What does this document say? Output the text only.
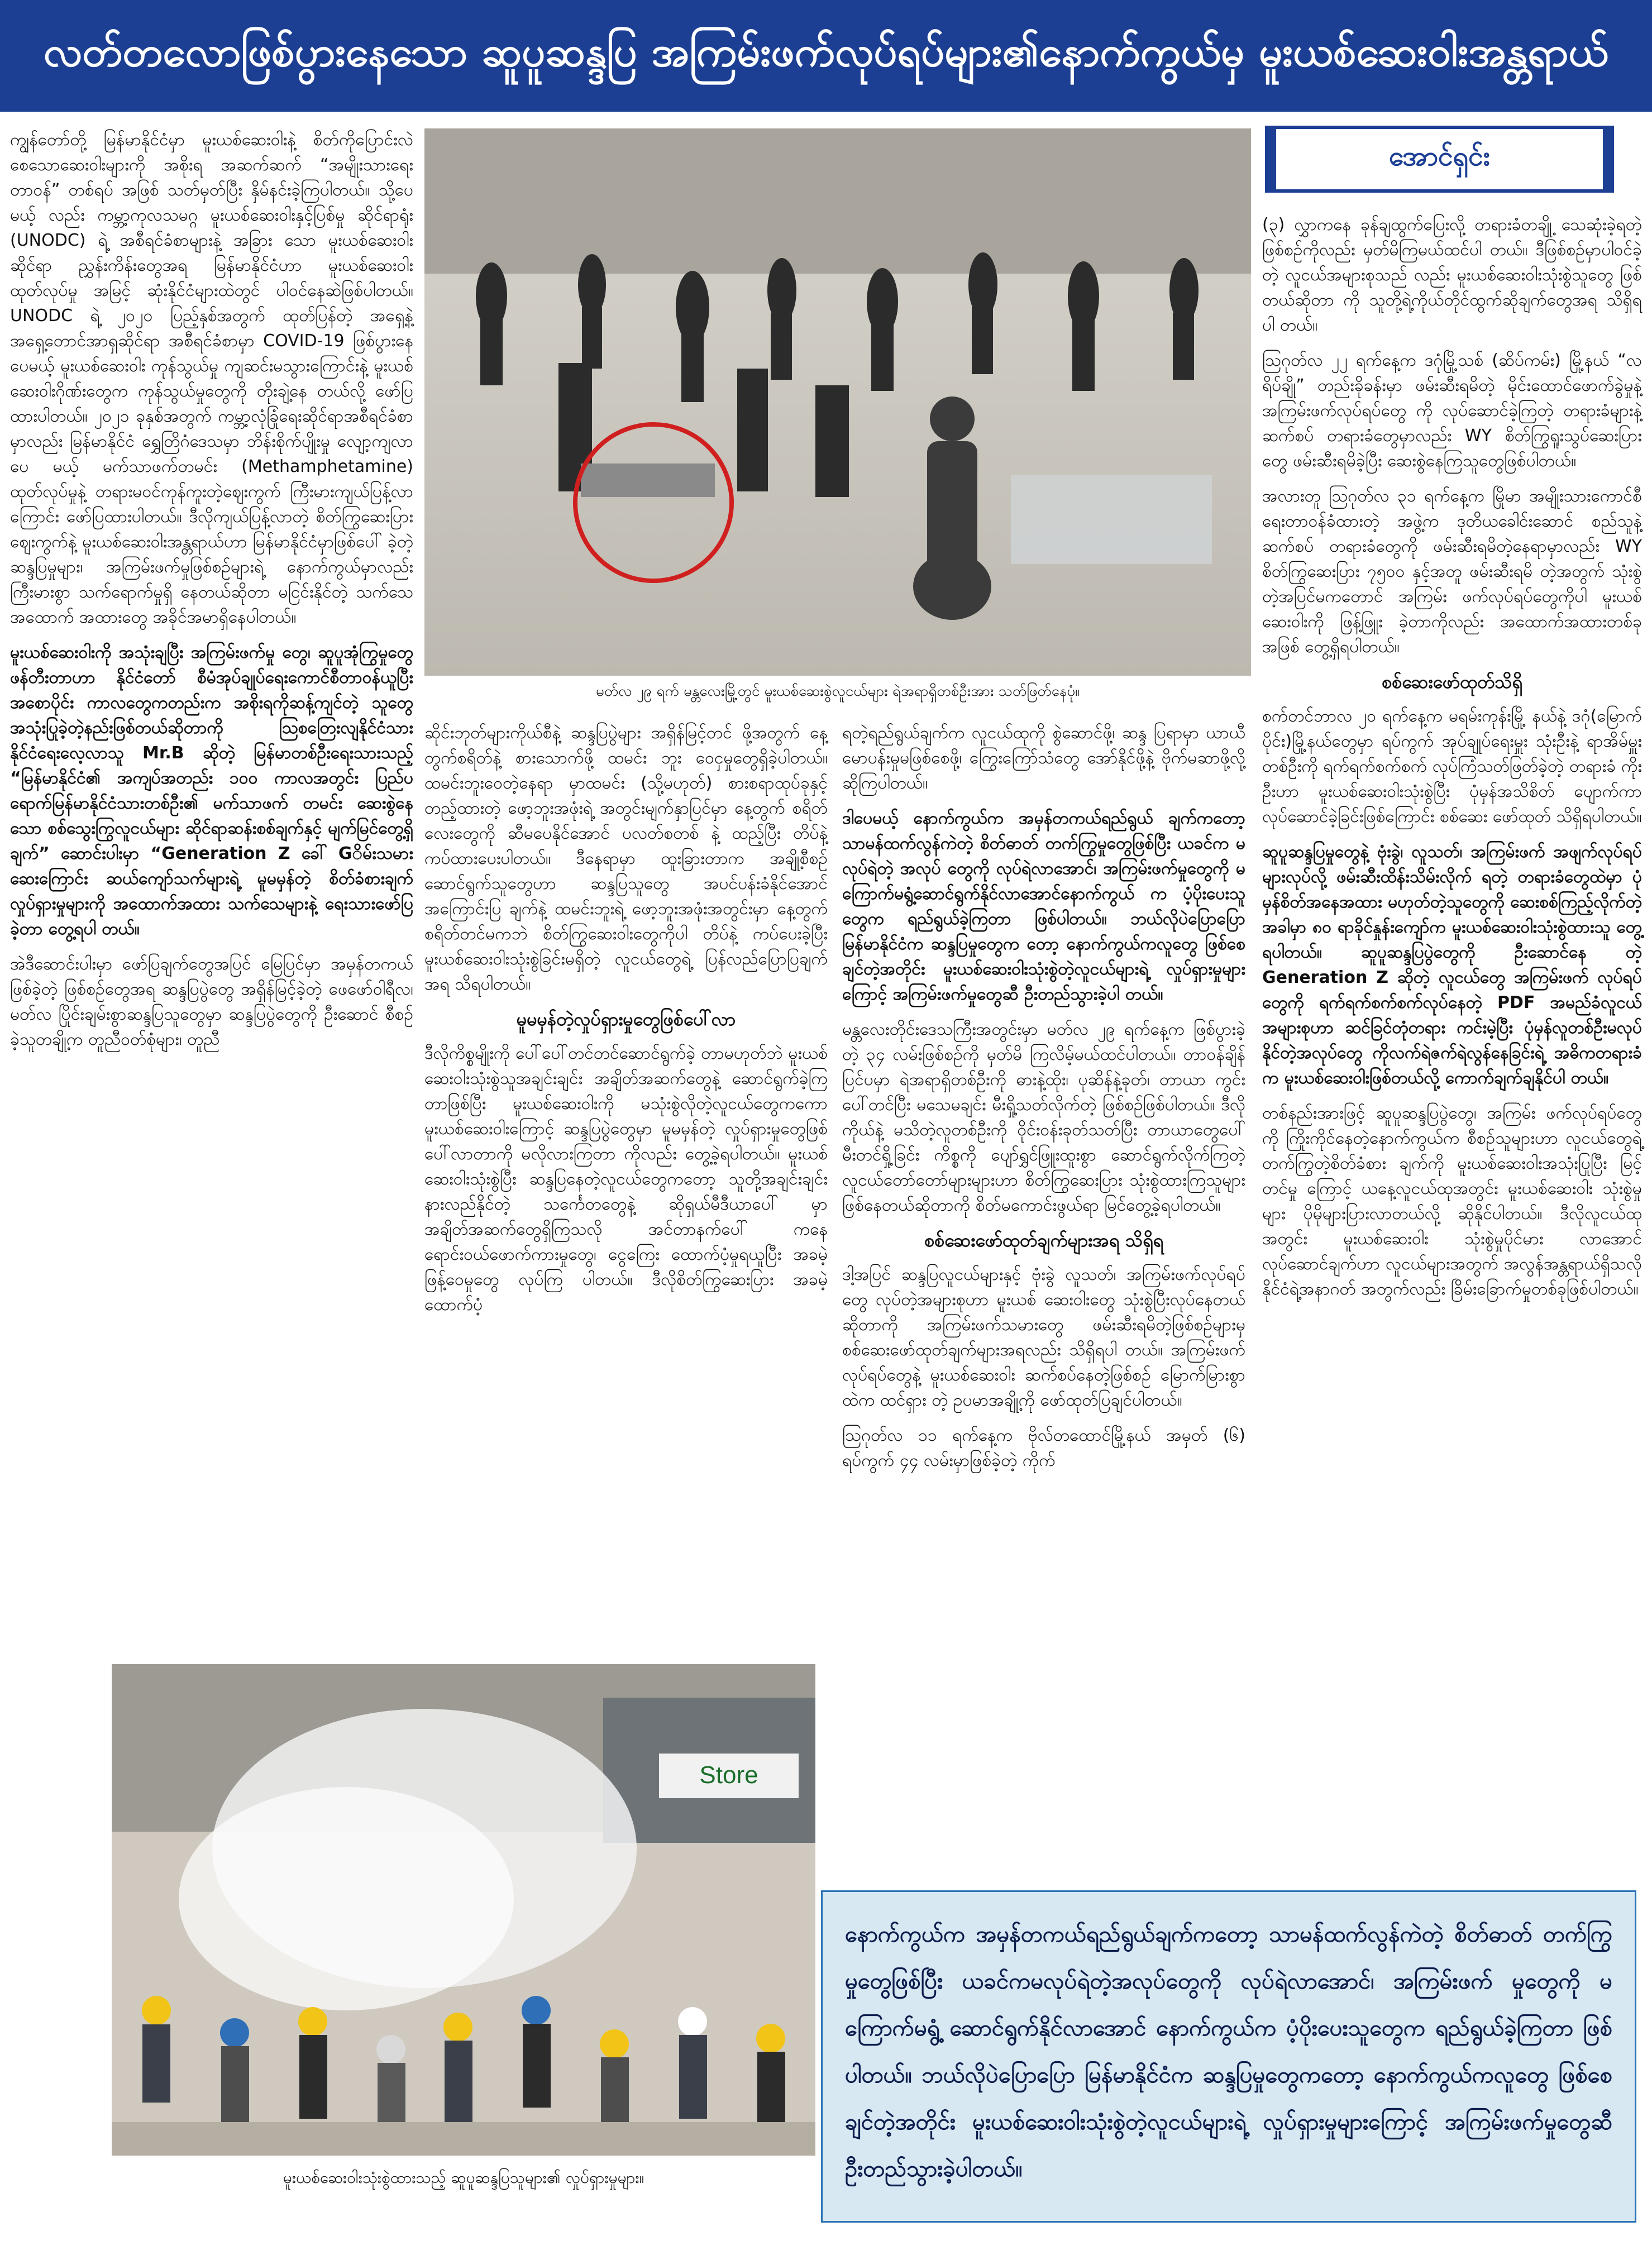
လတ်တလောဖြစ်ပွားနေသော ဆူပူဆန္ဒပြ အကြမ်းဖက်လုပ်ရပ်များ၏နောက်ကွယ်မှ မူးယစ်ဆေးဝါးအန္တရာယ်

ကျွန်တော်တို့ မြန်မာနိုင်ငံမှာ မူးယစ်ဆေးဝါးနဲ့ စိတ်ကိုပြောင်းလဲစေသောဆေးဝါးများကို အစိုးရ အဆက်ဆက် “အမျိုးသားရေးတာဝန်” တစ်ရပ် အဖြစ် သတ်မှတ်ပြီး နှိမ်နင်းခဲ့ကြပါတယ်။ သို့ပေမယ့် လည်း ကမ္ဘာ့ကုလသမဂ္ဂ မူးယစ်ဆေးဝါးနှင့်ပြစ်မှု ဆိုင်ရာရုံး (UNODC) ရဲ့ အစီရင်ခံစာများနဲ့ အခြား သော မူးယစ်ဆေးဝါးဆိုင်ရာ ညွှန်းကိန်းတွေအရ မြန်မာနိုင်ငံဟာ မူးယစ်ဆေးဝါးထုတ်လုပ်မှု အမြင့် ဆုံးနိုင်ငံများထဲတွင် ပါဝင်နေဆဲဖြစ်ပါတယ်။ UNODC ရဲ့ ၂၀၂၀ ပြည့်နှစ်အတွက် ထုတ်ပြန်တဲ့ အရှေ့နဲ့ အရှေ့တောင်အာရှဆိုင်ရာ အစီရင်ခံစာမှာ COVID-19 ဖြစ်ပွားနေပေမယ့် မူးယစ်ဆေးဝါး ကုန်သွယ်မှု ကျဆင်းမသွားကြောင်းနဲ့ မူးယစ် ဆေးဝါးဂိုဏ်းတွေက ကုန်သွယ်မှုတွေကို တိုးချဲ့နေ တယ်လို့ ဖော်ပြထားပါတယ်။ ၂၀၂၁ ခုနှစ်အတွက် ကမ္ဘာ့လုံခြုံရေးဆိုင်ရာအစီရင်ခံစာမှာလည်း မြန်မာနိုင်ငံ ရွှေတြိဂံဒေသမှာ ဘိန်းစိုက်ပျိုးမှု လျော့ကျလာပေ မယ့် မက်သာဖက်တမင်း (Methamphetamine) ထုတ်လုပ်မှုနဲ့ တရားမဝင်ကုန်ကူးတဲ့ဈေးကွက် ကြီးမားကျယ်ပြန့်လာကြောင်း ဖော်ပြထားပါတယ်။ ဒီလိုကျယ်ပြန့်လာတဲ့ စိတ်ကြွဆေးပြားဈေးကွက်နဲ့ မူးယစ်ဆေးဝါးအန္တရာယ်ဟာ မြန်မာနိုင်ငံမှာဖြစ်ပေါ် ခဲ့တဲ့ ဆန္ဒပြမှုများ၊ အကြမ်းဖက်မှုဖြစ်စဉ်များရဲ့ နောက်ကွယ်မှာလည်း ကြီးမားစွာ သက်ရောက်မှုရှိ နေတယ်ဆိုတာ မငြင်းနိုင်တဲ့ သက်သေအထောက် အထားတွေ အခိုင်အမာရှိနေပါတယ်။

မူးယစ်ဆေးဝါးကို အသုံးချပြီး အကြမ်းဖက်မှု တွေ၊ ဆူပူအုံကြွမှုတွေ ဖန်တီးတာဟာ နိုင်ငံတော် စီမံအုပ်ချုပ်ရေးကောင်စီတာဝန်ယူပြီး အစောပိုင်း ကာလတွေကတည်းက အစိုးရကိုဆန့်ကျင်တဲ့ သူတွေ အသုံးပြုခဲ့တဲ့နည်းဖြစ်တယ်ဆိုတာကို ဩစတြေးလျနိုင်ငံသား နိုင်ငံရေးလေ့လာသူ Mr.B ဆိုတဲ့ မြန်မာတစ်ဦးရေးသားသည့် “မြန်မာနိုင်ငံ၏ အကျပ်အတည်း ၁၀၀ ကာလအတွင်း ပြည်ပ ရောက်မြန်မာနိုင်ငံသားတစ်ဦး၏ မက်သာဖက် တမင်း ဆေးစွဲနေသော စစ်သွေးကြွလူငယ်များ ဆိုင်ရာဆန်းစစ်ချက်နှင့် မျက်မြင်တွေ့ရှိချက်” ဆောင်းပါးမှာ “Generation Z ခေါ် Gိမ်းသမား ဆေးကြောင်း ဆယ်ကျော်သက်များရဲ့ မူမမှန်တဲ့ စိတ်ခံစားချက်လှုပ်ရှားမှုများကို အထောက်အထား သက်သေများနဲ့ ရေးသားဖော်ပြခဲ့တာ တွေ့ရပါ တယ်။

အဲဒီဆောင်းပါးမှာ ဖော်ပြချက်တွေအပြင် မြေပြင်မှာ အမှန်တကယ်ဖြစ်ခဲ့တဲ့ ဖြစ်စဉ်တွေအရ ဆန္ဒပြပွဲတွေ အရှိန်မြင့်ခဲ့တဲ့ ဖေဖော်ဝါရီလ၊ မတ်လ ပြိုင်းချမ်းစွာဆန္ဒပြသူတွေမှာ ဆန္ဒပြပွဲတွေကို ဦးဆောင် စီစဉ်ခဲ့သူတချို့က တူညီဝတ်စုံများ၊ တူညီ

မတ်လ ၂၉ ရက် မန္တလေးမြို့တွင် မူးယစ်ဆေးစွဲလူငယ်များ ရဲအရာရှိတစ်ဦးအား သတ်ဖြတ်နေပုံ။
အောင်ရှင်း

ဆိုင်းဘုတ်များကိုယ်စီနဲ့ ဆန္ဒပြပွဲများ အရှိန်မြင့်တင် ဖို့အတွက် နေ့တွက်စရိတ်နဲ့ စားသောက်ဖို့ ထမင်း ဘူး ဝေငှမှုတွေရှိခဲ့ပါတယ်။ ထမင်းဘူးဝေတဲ့နေရာ မှာထမင်း (သို့မဟုတ်) စားစရာထုပ်ခုနှင့်တည့်ထားတဲ့ ဖော့ဘူးအဖုံးရဲ့ အတွင်းမျက်နှာပြင်မှာ နေ့တွက် စရိတ်လေးတွေကို ဆီမပေနိုင်အောင် ပလတ်စတစ် နဲ့ ထည့်ပြီး တိပ်နဲ့ ကပ်ထားပေးပါတယ်။ ဒီနေရာမှာ ထူးခြားတာက အချို့စီစဉ်ဆောင်ရွက်သူတွေဟာ ဆန္ဒပြသူတွေ အပင်ပန်းခံနိုင်အောင် အကြောင်းပြ ချက်နဲ့ ထမင်းဘူးရဲ့ ဖော့ဘူးအဖုံးအတွင်းမှာ နေ့တွက် စရိတ်တင်မကဘဲ စိတ်ကြွဆေးဝါးတွေကိုပါ တိပ်နဲ့ ကပ်ပေးခဲ့ပြီး မူးယစ်ဆေးဝါးသုံးစွဲခြင်းမရှိတဲ့ လူငယ်တွေရဲ့ ပြန်လည်ပြောပြချက်အရ သိရပါတယ်။

မူမမှန်တဲ့လှုပ်ရှားမှုတွေဖြစ်ပေါ်လာ

ဒီလိုကိစ္စမျိုးကို ပေါ်ပေါ်တင်တင်ဆောင်ရွက်ခဲ့ တာမဟုတ်ဘဲ မူးယစ်ဆေးဝါးသုံးစွဲသူအချင်းချင်း အချိတ်အဆက်တွေနဲ့ ဆောင်ရွက်ခဲ့ကြတာဖြစ်ပြီး မူးယစ်ဆေးဝါးကို မသုံးစွဲလိုတဲ့လူငယ်တွေကကော မူးယစ်ဆေးဝါးကြောင့် ဆန္ဒပြပွဲတွေမှာ မူမမှန်တဲ့ လှုပ်ရှားမှုတွေဖြစ်ပေါ်လာတာကို မလိုလားကြတာ ကိုလည်း တွေ့ခဲ့ရပါတယ်။ မူးယစ်ဆေးဝါးသုံးစွဲပြီး ဆန္ဒပြနေတဲ့လူငယ်တွေကတော့ သူတို့အချင်းချင်း နားလည်နိုင်တဲ့ သင်္ကေတတွေနဲ့ ဆိုရှယ်မီဒီယာပေါ် မှာ အချိတ်အဆက်တွေရှိကြသလို အင်တာနက်ပေါ် ကနေ ရောင်းဝယ်ဖောက်ကားမှုတွေ၊ ငွေကြေး ထောက်ပံ့မှုရယူပြီး အခမဲ့ဖြန့်ဝေမှုတွေ လုပ်ကြ ပါတယ်။ ဒီလိုစိတ်ကြွဆေးပြား အခမဲ့ထောက်ပံ့

ရတဲ့ရည်ရွယ်ချက်က လူငယ်ထုကို စွဲဆောင်ဖို့၊ ဆန္ဒ ပြရာမှာ ယာယီမောပန်းမှုမဖြစ်စေဖို့၊ ကြွေးကြော်သံတွေ အော်နိုင်ဖို့နဲ့ ဗိုက်မဆာဖို့လို့ ဆိုကြပါတယ်။

ဒါပေမယ့် နောက်ကွယ်က အမှန်တကယ်ရည်ရွယ် ချက်ကတော့ သာမန်ထက်လွန်ကဲတဲ့ စိတ်ဓာတ် တက်ကြွမှုတွေဖြစ်ပြီး ယခင်က မလုပ်ရဲတဲ့ အလုပ် တွေကို လုပ်ရဲလာအောင်၊ အကြမ်းဖက်မှုတွေကို မကြောက်မရွံ့ဆောင်ရွက်နိုင်လာအောင်နောက်ကွယ် က ပံ့ပိုးပေးသူတွေက ရည်ရွယ်ခဲ့ကြတာ ဖြစ်ပါတယ်။ ဘယ်လိုပဲပြောပြော မြန်မာနိုင်ငံက ဆန္ဒပြမှုတွေက တော့ နောက်ကွယ်ကလူတွေ ဖြစ်စေချင်တဲ့အတိုင်း မူးယစ်ဆေးဝါးသုံးစွဲတဲ့လူငယ်များရဲ့ လှုပ်ရှားမှုများ ကြောင့် အကြမ်းဖက်မှုတွေဆီ ဦးတည်သွားခဲ့ပါ တယ်။

မန္တလေးတိုင်းဒေသကြီးအတွင်းမှာ မတ်လ ၂၉ ရက်နေ့က ဖြစ်ပွားခဲ့တဲ့ ၃၄ လမ်းဖြစ်စဉ်ကို မှတ်မိ ကြလိမ့်မယ်ထင်ပါတယ်။ တာဝန်ချိန်ပြင်ပမှာ ရဲအရာရှိတစ်ဦးကို ဓားနဲ့ထိုး၊ ပုဆိန်နဲ့ခုတ်၊ တာယာ ကွင်းပေါ်တင်ပြီး မသေမချင်း မီးရှို့သတ်လိုက်တဲ့ ဖြစ်စဉ်ဖြစ်ပါတယ်။ ဒီလိုကိုယ်နဲ့ မသိတဲ့လူတစ်ဦးကို ဝိုင်းဝန်းခုတ်သတ်ပြီး တာယာတွေပေါ် မီးတင်ရှို့ခြင်း ကိစ္စကို ပျော်ရွှင်ဖြူးထူးစွာ ဆောင်ရွက်လိုက်ကြတဲ့ လူငယ်တော်တော်များများဟာ စိတ်ကြွဆေးပြား သုံးစွဲထားကြသူများ ဖြစ်နေတယ်ဆိုတာကို စိတ်မကောင်းဖွယ်ရာ မြင်တွေ့ခဲ့ရပါတယ်။

စစ်ဆေးဖော်ထုတ်ချက်များအရ သိရှိရ

ဒါ့အပြင် ဆန္ဒပြလူငယ်များနှင့် ဗုံးခွဲ လူသတ်၊ အကြမ်းဖက်လုပ်ရပ်တွေ လုပ်တဲ့အများစုဟာ မူးယစ် ဆေးဝါးတွေ သုံးစွဲပြီးလုပ်နေတယ်ဆိုတာကို အကြမ်းဖက်သမားတွေ ဖမ်းဆီးရမိတဲ့ဖြစ်စဉ်များမှ စစ်ဆေးဖော်ထုတ်ချက်များအရလည်း သိရှိရပါ တယ်။ အကြမ်းဖက်လုပ်ရပ်တွေနဲ့ မူးယစ်ဆေးဝါး ဆက်စပ်နေတဲ့ဖြစ်စဉ် မြောက်မြားစွာထဲက ထင်ရှား တဲ့ ဥပမာအချို့ကို ဖော်ထုတ်ပြချင်ပါတယ်။

ဩဂုတ်လ ၁၁ ရက်နေ့က ဗိုလ်တထောင်မြို့နယ် အမှတ် (၆) ရပ်ကွက် ၄၄ လမ်းမှာဖြစ်ခဲ့တဲ့ ကိုက်

(၃) လွှာကနေ ခုန်ချထွက်ပြေးလို့ တရားခံတချို့ သေဆုံးခဲ့ရတဲ့ ဖြစ်စဉ်ကိုလည်း မှတ်မိကြမယ်ထင်ပါ တယ်။ ဒီဖြစ်စဉ်မှာပါဝင်ခဲ့တဲ့ လူငယ်အများစုသည် လည်း မူးယစ်ဆေးဝါးသုံးစွဲသူတွေ ဖြစ်တယ်ဆိုတာ ကို သူတို့ရဲ့ကိုယ်တိုင်ထွက်ဆိုချက်တွေအရ သိရှိရပါ တယ်။

ဩဂုတ်လ ၂၂ ရက်နေ့က ဒဂုံမြို့သစ် (ဆိပ်ကမ်း) မြို့နယ် “လရိပ်ချို” တည်းခိုခန်းမှာ ဖမ်းဆီးရမိတဲ့ မိုင်းထောင်ဖောက်ခွဲမှုနဲ့ အကြမ်းဖက်လုပ်ရပ်တွေ ကို လုပ်ဆောင်ခဲ့ကြတဲ့ တရားခံများနဲ့ ဆက်စပ် တရားခံတွေမှာလည်း WY စိတ်ကြွရူးသွပ်ဆေးပြား တွေ ဖမ်းဆီးရမိခဲ့ပြီး ဆေးစွဲနေကြသူတွေဖြစ်ပါတယ်။

အလားတူ ဩဂုတ်လ ၃၁ ရက်နေ့က မြိုမာ အမျိုးသားကောင်စီရေးတာဝန်ခံထားတဲ့ အဖွဲ့က ဒုတိယခေါင်းဆောင် စည်သူနဲ့ ဆက်စပ် တရားခံတွေကို ဖမ်းဆီးရမိတဲ့နေရာမှာလည်း WY စိတ်ကြွဆေးပြား ၇၅၀၀ နှင့်အတူ ဖမ်းဆီးရမိ တဲ့အတွက် သုံးစွဲတဲ့အပြင်မကတောင် အကြမ်း ဖက်လုပ်ရပ်တွေကိုပါ မူးယစ်ဆေးဝါးကို ဖြန့်ဖြူး ခဲ့တာကိုလည်း အထောက်အထားတစ်ခုအဖြစ် တွေ့ရှိရပါတယ်။

စစ်ဆေးဖော်ထုတ်သိရှိ

စက်တင်ဘာလ ၂၀ ရက်နေ့က မရမ်းကုန်းမြို့ နယ်နဲ့ ဒဂုံ(မြောက်ပိုင်း)မြို့နယ်တွေမှာ ရပ်ကွက် အုပ်ချုပ်ရေးမှူး သုံးဦးနဲ့ ရာအိမ်မှူးတစ်ဦးကို ရက်ရက်စက်စက် လုပ်ကြံသတ်ဖြတ်ခဲ့တဲ့ တရားခံ ကိုးဦးဟာ မူးယစ်ဆေးဝါးသုံးစွဲပြီး ပုံမှန်အသိစိတ် ပျောက်ကာ လုပ်ဆောင်ခဲ့ခြင်းဖြစ်ကြောင်း စစ်ဆေး ဖော်ထုတ် သိရှိရပါတယ်။

ဆူပူဆန္ဒပြမှုတွေနဲ့ ဗုံးခွဲ၊ လူသတ်၊ အကြမ်းဖက် အဖျက်လုပ်ရပ်များလုပ်လို့ ဖမ်းဆီးထိန်းသိမ်းလိုက် ရတဲ့ တရားခံတွေထဲမှာ ပုံမှန်စိတ်အနေအထား မဟုတ်တဲ့သူတွေကို ဆေးစစ်ကြည့်လိုက်တဲ့အခါမှာ ၈၀ ရာခိုင်နှုန်းကျော်က မူးယစ်ဆေးဝါးသုံးစွဲထားသူ တွေ့ရပါတယ်။ ဆူပူဆန္ဒပြပွဲတွေကို ဦးဆောင်နေ တဲ့ Generation Z ဆိုတဲ့ လူငယ်တွေ အကြမ်းဖက် လုပ်ရပ်တွေကို ရက်ရက်စက်စက်လုပ်နေတဲ့ PDF အမည်ခံလူငယ်အများစုဟာ ဆင်ခြင်တုံတရား ကင်းမဲ့ပြီး ပုံမှန်လူတစ်ဦးမလုပ်နိုင်တဲ့အလုပ်တွေ ကိုလက်ရဲဇက်ရဲလွန်နေခြင်းရဲ့ အဓိကတရားခံ က မူးယစ်ဆေးဝါးဖြစ်တယ်လို့ ကောက်ချက်ချနိုင်ပါ တယ်။

တစ်နည်းအားဖြင့် ဆူပူဆန္ဒပြပွဲတွေ၊ အကြမ်း ဖက်လုပ်ရပ်တွေကို ကြိုးကိုင်နေတဲ့နောက်ကွယ်က စီစဉ်သူများဟာ လူငယ်တွေရဲ့ တက်ကြွတဲ့စိတ်ခံစား ချက်ကို မူးယစ်ဆေးဝါးအသုံးပြုပြီး မြင့်တင်မှု ကြောင့် ယနေ့လူငယ်ထုအတွင်း မူးယစ်ဆေးဝါး သုံးစွဲမှုများ ပိုမိုများပြားလာတယ်လို့ ဆိုနိုင်ပါတယ်။ ဒီလိုလူငယ်ထုအတွင်း မူးယစ်ဆေးဝါး သုံးစွဲမှုပိုင်မား လာအောင်လုပ်ဆောင်ချက်ဟာ လူငယ်များအတွက် အလွန်အန္တရာယ်ရှိသလို နိုင်ငံရဲ့အနာဂတ် အတွက်လည်း ခြိမ်းခြောက်မှုတစ်ခုဖြစ်ပါတယ်။

Store
မူးယစ်ဆေးဝါးသုံးစွဲထားသည့် ဆူပူဆန္ဒပြသူများ၏ လှုပ်ရှားမှုများ။
နောက်ကွယ်က အမှန်တကယ်ရည်ရွယ်ချက်ကတော့ သာမန်ထက်လွန်ကဲတဲ့ စိတ်ဓာတ် တက်ကြွမှုတွေဖြစ်ပြီး ယခင်ကမလုပ်ရဲတဲ့အလုပ်တွေကို လုပ်ရဲလာအောင်၊ အကြမ်းဖက် မှုတွေကို မကြောက်မရွံ့ ဆောင်ရွက်နိုင်လာအောင် နောက်ကွယ်က ပံ့ပိုးပေးသူတွေက ရည်ရွယ်ခဲ့ကြတာ ဖြစ်ပါတယ်။ ဘယ်လိုပဲပြောပြော မြန်မာနိုင်ငံက ဆန္ဒပြမှုတွေကတော့ နောက်ကွယ်ကလူတွေ ဖြစ်စေချင်တဲ့အတိုင်း မူးယစ်ဆေးဝါးသုံးစွဲတဲ့လူငယ်များရဲ့ လှုပ်ရှားမှုများကြောင့် အကြမ်းဖက်မှုတွေဆီ ဦးတည်သွားခဲ့ပါတယ်။
